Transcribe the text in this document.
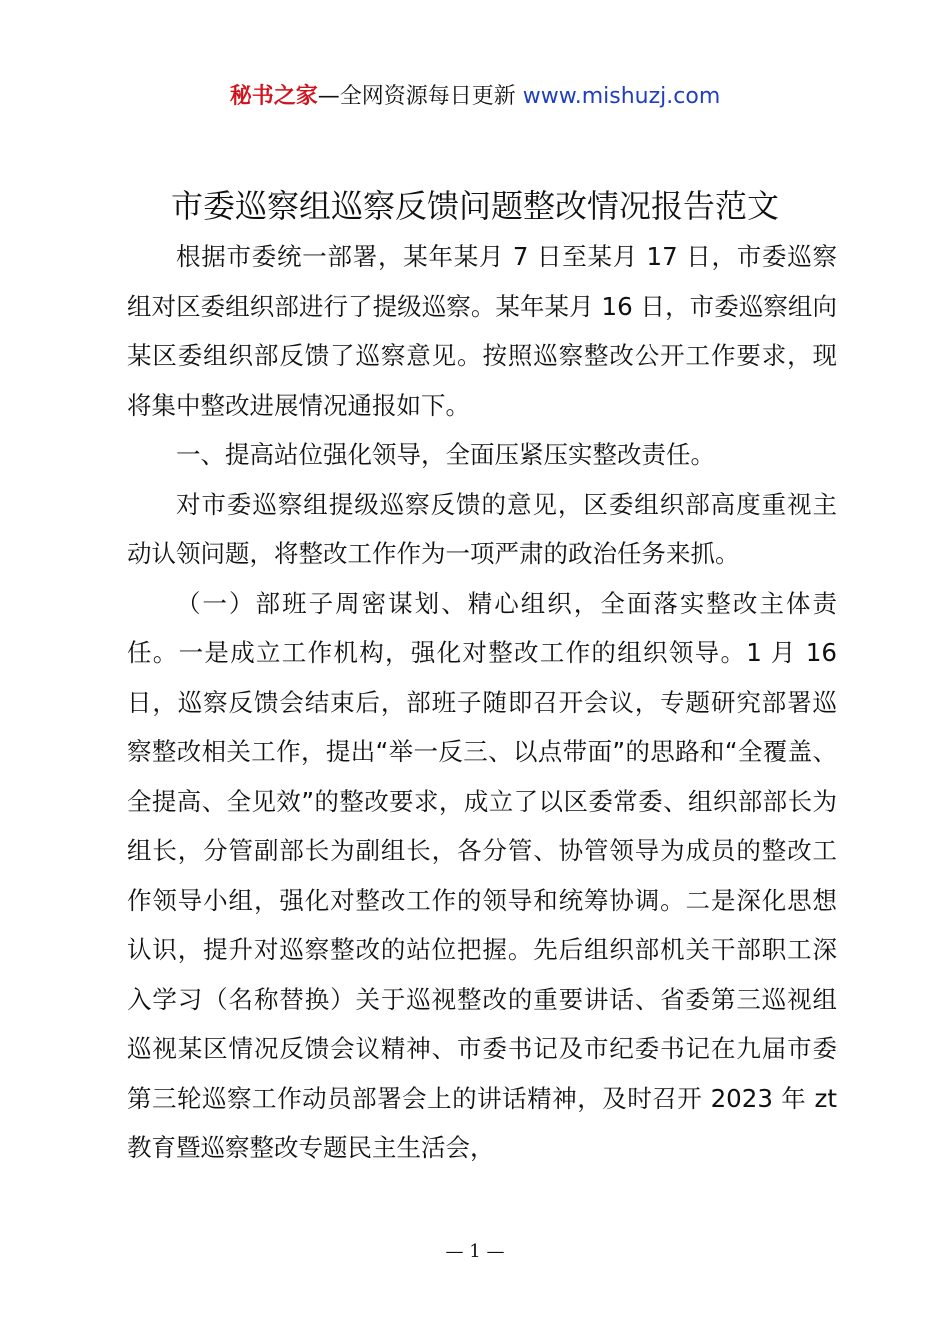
秘书之家—全网资源每日更新 www.mishuzj.com
市委巡察组巡察反馈问题整改情况报告范文

根据市委统一部署，某年某月 7 日至某月 17 日，市委巡察组对区委组织部进行了提级巡察。某年某月 16 日，市委巡察组向某区委组织部反馈了巡察意见。按照巡察整改公开工作要求，现将集中整改进展情况通报如下。

一、提高站位强化领导，全面压紧压实整改责任。

对市委巡察组提级巡察反馈的意见，区委组织部高度重视主动认领问题，将整改工作作为一项严肃的政治任务来抓。

（一）部班子周密谋划、精心组织，全面落实整改主体责任。一是成立工作机构，强化对整改工作的组织领导。1 月 16 日，巡察反馈会结束后，部班子随即召开会议，专题研究部署巡察整改相关工作，提出“举一反三、以点带面”的思路和“全覆盖、全提高、全见效”的整改要求，成立了以区委常委、组织部部长为组长，分管副部长为副组长，各分管、协管领导为成员的整改工作领导小组，强化对整改工作的领导和统筹协调。二是深化思想认识，提升对巡察整改的站位把握。先后组织部机关干部职工深入学习（名称替换）关于巡视整改的重要讲话、省委第三巡视组巡视某区情况反馈会议精神、市委书记及市纪委书记在九届市委第三轮巡察工作动员部署会上的讲话精神，及时召开 2023 年 zt 教育暨巡察整改专题民主生活会，

— 1 —
